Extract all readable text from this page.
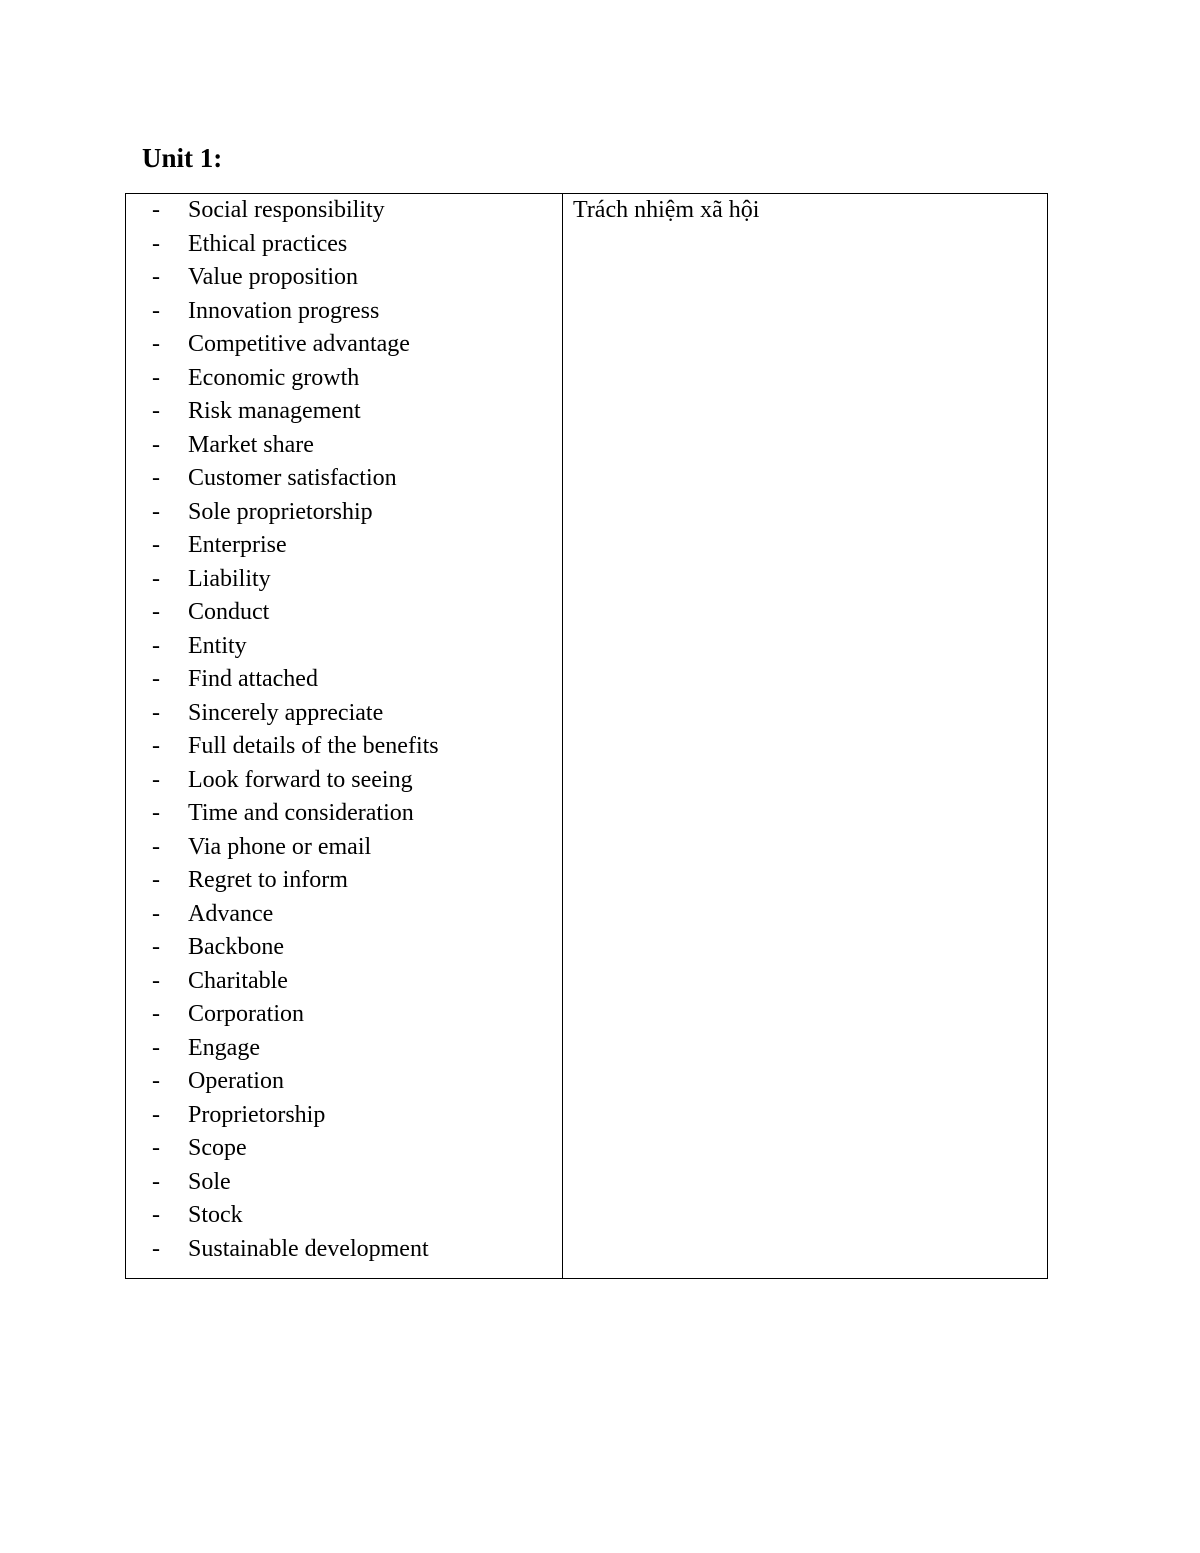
Unit 1:
- Social responsibility
- Ethical practices
- Value proposition
- Innovation progress
- Competitive advantage
- Economic growth
- Risk management
- Market share
- Customer satisfaction
- Sole proprietorship
- Enterprise
- Liability
- Conduct
- Entity
- Find attached
- Sincerely appreciate
- Full details of the benefits
- Look forward to seeing
- Time and consideration
- Via phone or email
- Regret to inform
- Advance
- Backbone
- Charitable
- Corporation
- Engage
- Operation
- Proprietorship
- Scope
- Sole
- Stock
- Sustainable development
Trách nhiệm xã hội
